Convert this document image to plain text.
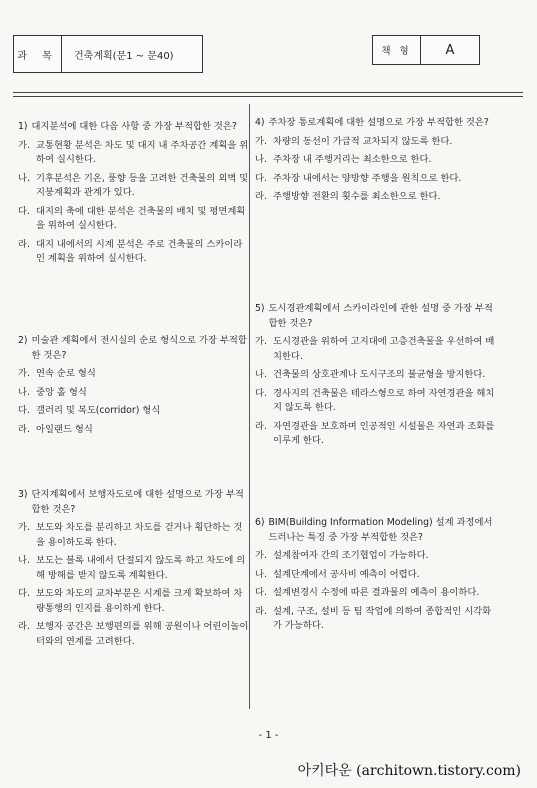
과 목	건축계획(문1 ~ 문40)	책 형	A
1) 대지분석에 대한 다음 사항 중 가장 부적합한 것은?
가. 교통현황 분석은 차도 및 대지 내 주차공간 계획을 위하여 실시한다.
나. 기후분석은 기온, 풍향 등을 고려한 건축물의 외벽 및 지붕계획과 관계가 있다.
다. 대지의 축에 대한 분석은 건축물의 배치 및 평면계획을 위하여 실시한다.
라. 대지 내에서의 시계 분석은 주로 건축물의 스카이라인 계획을 위하여 실시한다.
2) 미술관 계획에서 전시실의 순로 형식으로 가장 부적합한 것은?
가. 연속 순로 형식
나. 중앙 홀 형식
다. 갤러리 및 복도(corridor) 형식
라. 아일랜드 형식
3) 단지계획에서 보행자도로에 대한 설명으로 가장 부적합한 것은?
가. 보도와 차도를 분리하고 차도를 걷거나 횡단하는 것을 용이하도록 한다.
나. 보도는 블록 내에서 단절되지 않도록 하고 차도에 의해 방해를 받지 않도록 계획한다.
다. 보도와 차도의 교차부분은 시계를 크게 확보하여 차량통행의 인지를 용이하게 한다.
라. 보행자 공간은 보행편의를 위해 공원이나 어린이놀이터와의 연계를 고려한다.
4) 주차장 통로계획에 대한 설명으로 가장 부적합한 것은?
가. 차량의 동선이 가급적 교차되지 않도록 한다.
나. 주차장 내 주행거리는 최소한으로 한다.
다. 주차장 내에서는 양방향 주행을 원칙으로 한다.
라. 주행방향 전환의 횟수를 최소한으로 한다.
5) 도시경관계획에서 스카이라인에 관한 설명 중 가장 부적합한 것은?
가. 도시경관을 위하여 고지대에 고층건축물을 우선하여 배치한다.
나. 건축물의 상호관계나 도시구조의 불균형을 방지한다.
다. 경사지의 건축물은 테라스형으로 하여 자연경관을 해치지 않도록 한다.
라. 자연경관을 보호하며 인공적인 시설물은 자연과 조화를 이루게 한다.
6) BIM(Building Information Modeling) 설계 과정에서 드러나는 특징 중 가장 부적합한 것은?
가. 설계참여자 간의 조기협업이 가능하다.
나. 설계단계에서 공사비 예측이 어렵다.
다. 설계변경시 수정에 따른 결과물의 예측이 용이하다.
라. 설계, 구조, 설비 등 팀 작업에 의하여 종합적인 시각화가 가능하다.
- 1 -
아키타운 (architown.tistory.com)
